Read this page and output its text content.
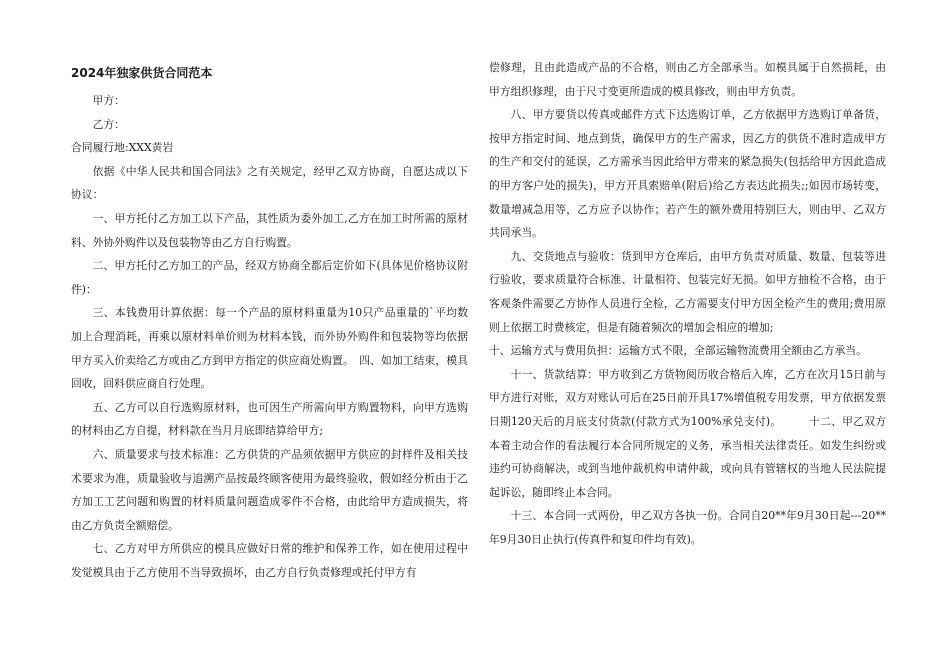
2024年独家供货合同范本

甲方：

乙方：

合同履行地:XXX黄岩

依据《中华人民共和国合同法》之有关规定，经甲乙双方协商，自愿达成以下协议：

一、甲方托付乙方加工以下产品，其性质为委外加工,乙方在加工时所需的原材料、外协外购件以及包装物等由乙方自行购置。

二、甲方托付乙方加工的产品，经双方协商全都后定价如下(具体见价格协议附件)：

三、本钱费用计算依据：每一个产品的原材料重量为10只产品重量的`平均数加上合理消耗，再乘以原材料单价则为材料本钱，而外协外购件和包装物等均依据甲方买入价卖给乙方或由乙方到甲方指定的供应商处购置。　四、如加工结束，模具回收，回料供应商自行处理。

五、乙方可以自行选购原材料，也可因生产所需向甲方购置物料，向甲方选购的材料由乙方自提，材料款在当月月底即结算给甲方;

六、质量要求与技术标准：乙方供货的产品须依据甲方供应的封样件及相关技术要求为准，质量验收与追溯产品按最终顾客使用为最终验收，假如经分析由于乙方加工工艺问题和购置的材料质量问题造成零件不合格，由此给甲方造成损失，将由乙方负责全额赔偿。

七、乙方对甲方所供应的模具应做好日常的维护和保养工作，如在使用过程中发觉模具由于乙方使用不当导致损坏，由乙方自行负责修理或托付甲方有

偿修理，且由此造成产品的不合格，则由乙方全部承当。如模具属于自然损耗，由甲方组织修理，由于尺寸变更所造成的模具修改，则由甲方负责。

八、甲方要货以传真或邮件方式下达选购订单，乙方依据甲方选购订单备货，按甲方指定时间、地点到货，确保甲方的生产需求，因乙方的供货不准时造成甲方的生产和交付的延误，乙方需承当因此给甲方带来的紧急损失(包括给甲方因此造成的甲方客户处的损失)，甲方开具索赔单(附后)给乙方表达此损失;;如因市场转变，数量增减急用等，乙方应予以协作；若产生的额外费用特别巨大，则由甲、乙双方共同承当。

九、交货地点与验收：货到甲方仓库后，由甲方负责对质量、数量、包装等进行验收，要求质量符合标准、计量相符、包装完好无损。如甲方抽检不合格，由于客观条件需要乙方协作人员进行全检，乙方需要支付甲方因全检产生的费用;费用原则上依据工时费核定，但是有随着频次的增加会相应的增加;

十、运输方式与费用负担：运输方式不限，全部运输物流费用全额由乙方承当。

十一、货款结算：甲方收到乙方货物阅历收合格后入库，乙方在次月15日前与甲方进行对账，双方对账认可后在25日前开具17%增值税专用发票，甲方依据发票日期120天后的月底支付货款(付款方式为100%承兑支付)。　　　十二、甲乙双方本着主动合作的看法履行本合同所规定的义务，承当相关法律责任。如发生纠纷或违约可协商解决，或到当地仲裁机构申请仲裁，或向具有管辖权的当地人民法院提起诉讼，随即终止本合同。

十三、本合同一式两份，甲乙双方各执一份。合同自20**年9月30日起---20**年9月30日止执行(传真件和复印件均有效)。
